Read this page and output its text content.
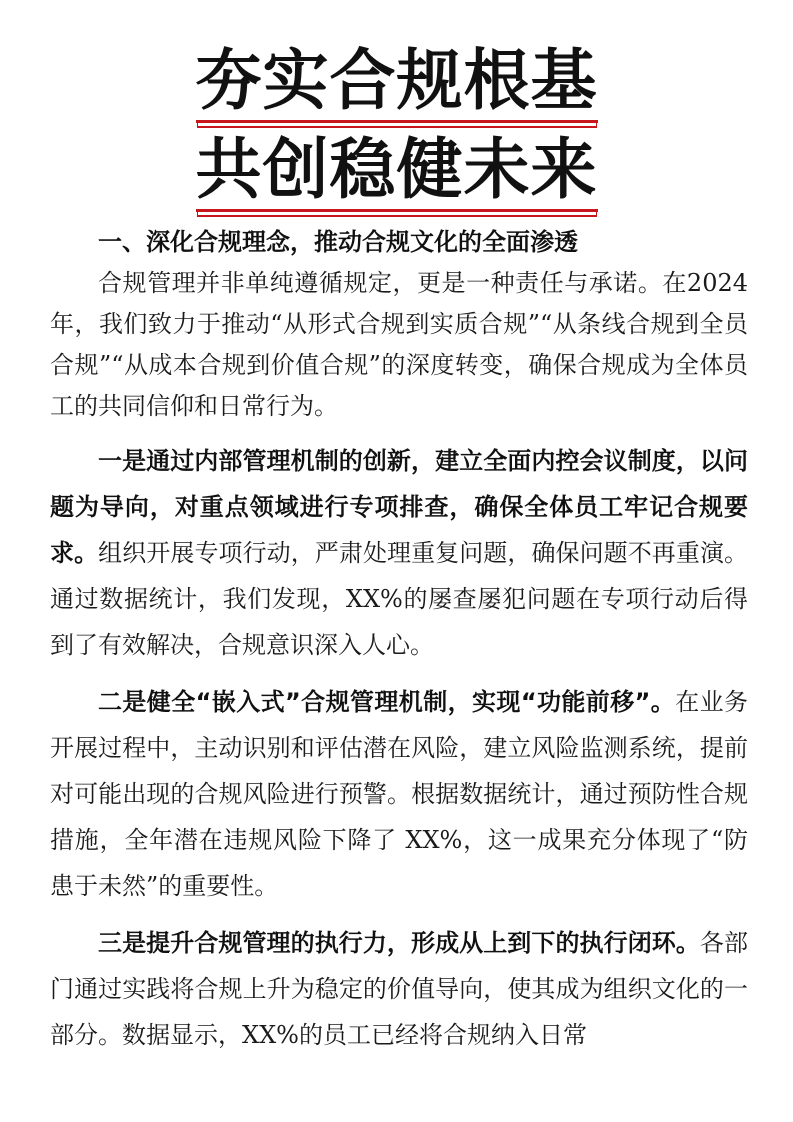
夯实合规根基
共创稳健未来

一、深化合规理念，推动合规文化的全面渗透

合规管理并非单纯遵循规定，更是一种责任与承诺。在2024 年，我们致力于推动“从形式合规到实质合规”“从条线合规到全员合规”“从成本合规到价值合规”的深度转变，确保合规成为全体员工的共同信仰和日常行为。

一是通过内部管理机制的创新，建立全面内控会议制度，以问题为导向，对重点领域进行专项排查，确保全体员工牢记合规要求。组织开展专项行动，严肃处理重复问题，确保问题不再重演。通过数据统计，我们发现，XX%的屡查屡犯问题在专项行动后得到了有效解决，合规意识深入人心。

二是健全“嵌入式”合规管理机制，实现“功能前移”。在业务开展过程中，主动识别和评估潜在风险，建立风险监测系统，提前对可能出现的合规风险进行预警。根据数据统计，通过预防性合规措施，全年潜在违规风险下降了 XX%，这一成果充分体现了“防患于未然”的重要性。

三是提升合规管理的执行力，形成从上到下的执行闭环。各部门通过实践将合规上升为稳定的价值导向，使其成为组织文化的一部分。数据显示，XX%的员工已经将合规纳入日常
